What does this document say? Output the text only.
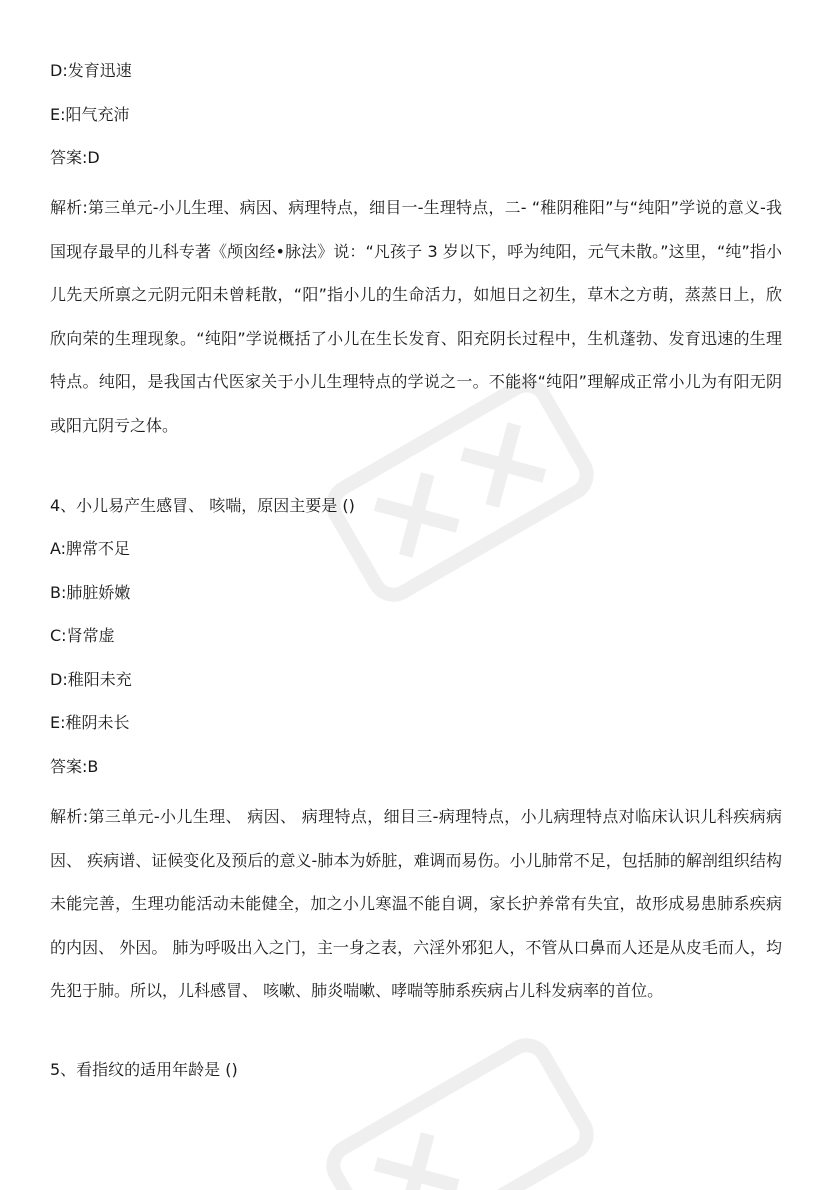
D:发育迅速
E:阳气充沛
答案:D
解析:第三单元-小儿生理、病因、病理特点，细目一-生理特点，二- “稚阴稚阳”与“纯阳”学说的意义-我国现存最早的儿科专著《颅囟经•脉法》说：“凡孩子 3 岁以下，呼为纯阳，元气未散。”这里，“纯”指小儿先天所禀之元阴元阳未曾耗散，“阳”指小儿的生命活力，如旭日之初生，草木之方萌，蒸蒸日上，欣欣向荣的生理现象。“纯阳”学说概括了小儿在生长发育、阳充阴长过程中，生机蓬勃、发育迅速的生理特点。纯阳，是我国古代医家关于小儿生理特点的学说之一。不能将“纯阳”理解成正常小儿为有阳无阴或阳亢阴亏之体。
4、小儿易产生感冒、 咳喘，原因主要是 ()
A:脾常不足
B:肺脏娇嫩
C:肾常虚
D:稚阳未充
E:稚阴未长
答案:B
解析:第三单元-小儿生理、 病因、 病理特点，细目三-病理特点，小儿病理特点对临床认识儿科疾病病因、 疾病谱、证候变化及预后的意义-肺本为娇脏，难调而易伤。小儿肺常不足，包括肺的解剖组织结构未能完善，生理功能活动未能健全，加之小儿寒温不能自调，家长护养常有失宜，故形成易患肺系疾病的内因、 外因。 肺为呼吸出入之门，主一身之表，六淫外邪犯人，不管从口鼻而人还是从皮毛而人，均先犯于肺。所以，儿科感冒、 咳嗽、肺炎喘嗽、哮喘等肺系疾病占儿科发病率的首位。
5、看指纹的适用年龄是 ()
